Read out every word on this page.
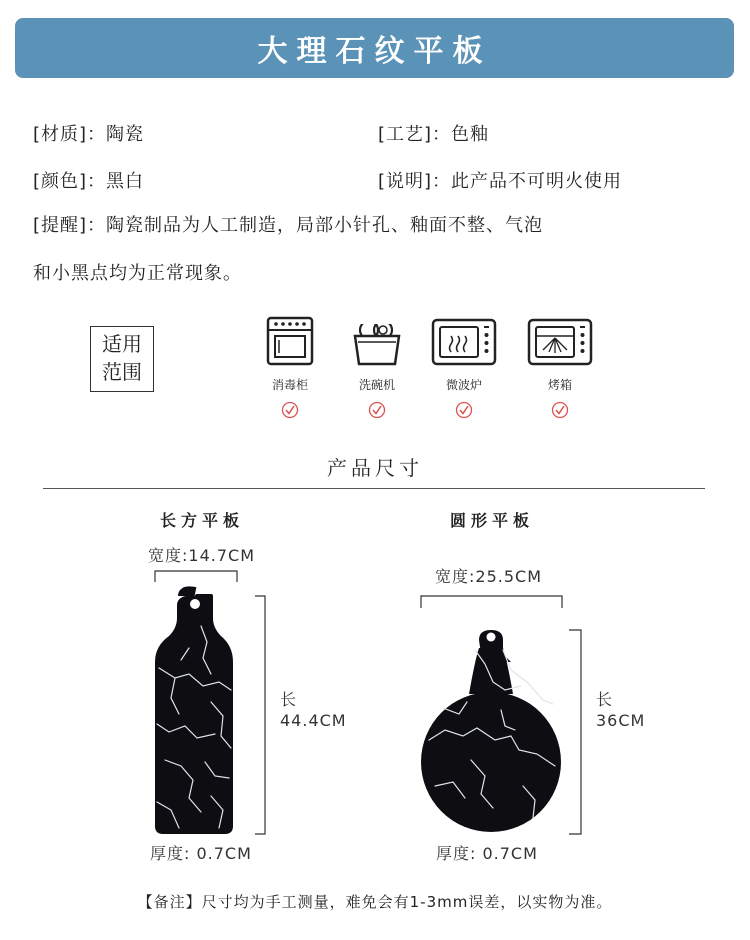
大理石纹平板
[材质]：陶瓷	[工艺]：色釉
[颜色]：黑白	[说明]：此产品不可明火使用
[提醒]：陶瓷制品为人工制造，局部小针孔、釉面不整、气泡
和小黑点均为正常现象。
适用
范围
消毒柜	洗碗机	微波炉	烤箱
产品尺寸
长方平板
宽度:14.7CM
长
44.4CM
厚度: 0.7CM
圆形平板
宽度:25.5CM
长
36CM
厚度: 0.7CM
【备注】尺寸均为手工测量，难免会有1-3mm误差，以实物为准。
